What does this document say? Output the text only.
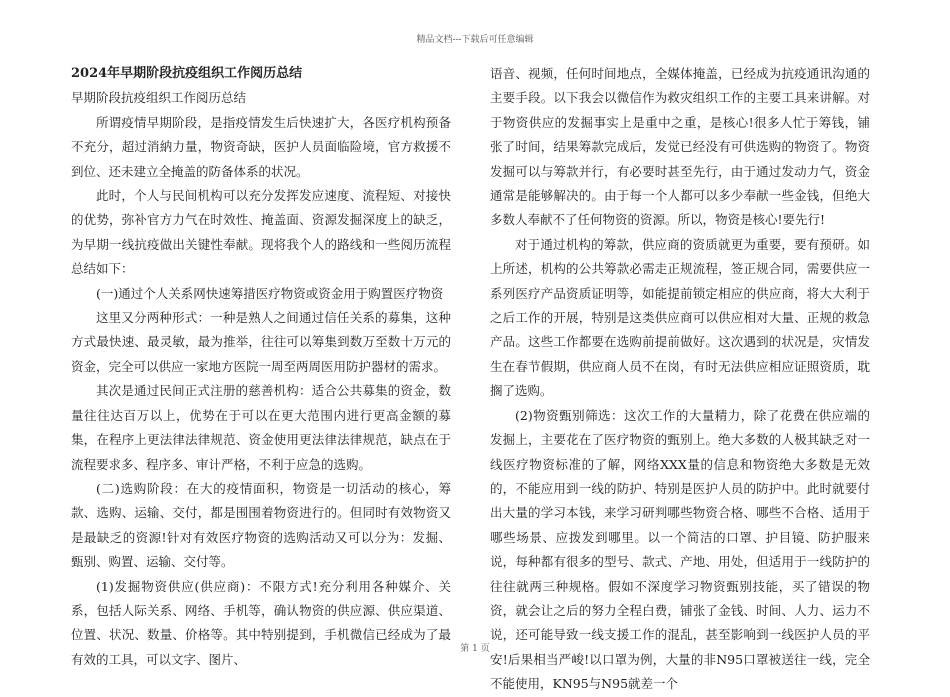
精品文档---下载后可任意编辑

2024年早期阶段抗疫组织工作阅历总结

早期阶段抗疫组织工作阅历总结

所谓疫情早期阶段，是指疫情发生后快速扩大，各医疗机构预备不充分，超过消納力量，物资奇缺，医护人员面临险境，官方救援不到位、还未建立全掩盖的防备体系的状况。

此时，个人与民间机构可以充分发挥发应速度、流程短、对接快的优势，弥补官方力气在时效性、掩盖面、资源发掘深度上的缺乏，为早期一线抗疫做出关键性奉献。现将我个人的路线和一些阅历流程总结如下：

(一)通过个人关系网快速筹措医疗物资或资金用于购置医疗物资

这里又分两种形式：一种是熟人之间通过信任关系的募集，这种方式最快速、最灵敏，最为推举，往往可以筹集到数万至数十万元的资金，完全可以供应一家地方医院一周至两周医用防护器材的需求。

其次是通过民间正式注册的慈善机构：适合公共募集的资金，数量往往达百万以上，优势在于可以在更大范围内进行更高金额的募集，在程序上更法律法律规范、资金使用更法律法律规范，缺点在于流程要求多、程序多、审计严格，不利于应急的选购。

(二)选购阶段：在大的疫情面积，物资是一切活动的核心，筹款、选购、运输、交付，都是围围着物资进行的。但同时有效物资又是最缺乏的资源!针对有效医疗物资的选购活动又可以分为：发掘、甄别、购置、运输、交付等。

(1)发掘物资供应(供应商)：不限方式!充分利用各种媒介、关系，包括人际关系、网络、手机等，确认物资的供应源、供应渠道、位置、状况、数量、价格等。其中特别提到，手机微信已经成为了最有效的工具，可以文字、图片、

语音、视频，任何时间地点，全媒体掩盖，已经成为抗疫通讯沟通的主要手段。以下我会以微信作为救灾组织工作的主要工具来讲解。对于物资供应的发掘事实上是重中之重，是核心!很多人忙于筹钱，铺张了时间，结果筹款完成后，发觉已经没有可供选购的物资了。物资发掘可以与筹款并行，有必要时甚至先行，由于通过发动力气，资金通常是能够解决的。由于每一个人都可以多少奉献一些金钱，但绝大多数人奉献不了任何物资的资源。所以，物资是核心!要先行!

对于通过机构的筹款，供应商的资质就更为重要，要有预研。如上所述，机构的公共筹款必需走正规流程，签正规合同，需要供应一系列医疗产品资质证明等，如能提前锁定相应的供应商，将大大利于之后工作的开展，特别是这类供应商可以供应相对大量、正规的救急产品。这些工作都要在选购前提前做好。这次遇到的状况是，灾情发生在春节假期，供应商人员不在岗，有时无法供应相应证照资质，耽搁了选购。

(2)物资甄别筛选：这次工作的大量精力，除了花费在供应端的发掘上，主要花在了医疗物资的甄别上。绝大多数的人极其缺乏对一线医疗物资标准的了解，网络XXX量的信息和物资绝大多数是无效的，不能应用到一线的防护、特别是医护人员的防护中。此时就要付出大量的学习本钱，来学习研判哪些物资合格、哪些不合格、适用于哪些场景、应拨发到哪里。以一个简洁的口罩、护目镜、防护服来说，每种都有很多的型号、款式、产地、用处，但适用于一线防护的往往就两三种规格。假如不深度学习物资甄别技能，买了错误的物资，就会让之后的努力全程白费，铺张了金钱、时间、人力、运力不说，还可能导致一线支援工作的混乱，甚至影响到一线医护人员的平安!后果相当严峻!以口罩为例，大量的非N95口罩被送往一线，完全不能使用，KN95与N95就差一个

第 1 页
